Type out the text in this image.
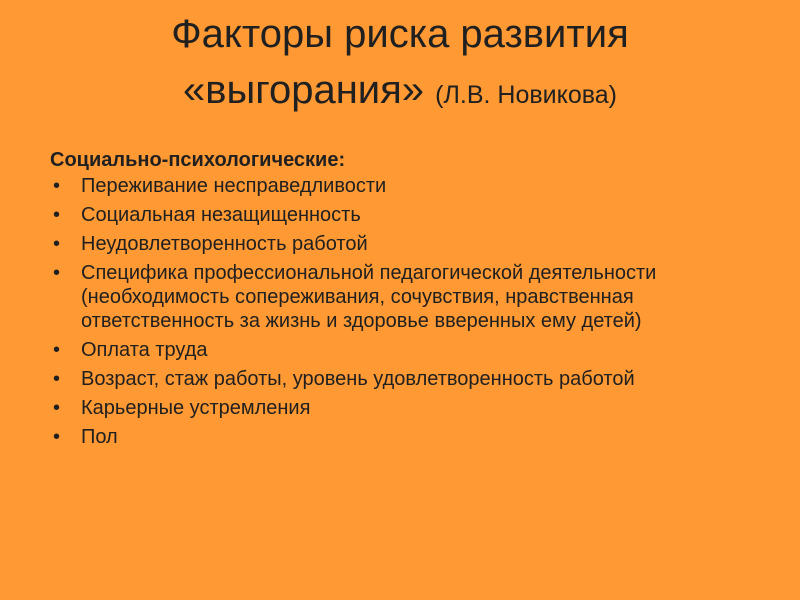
Факторы риска развития
«выгорания» (Л.В. Новикова)

Социально-психологические:

• Переживание несправедливости
• Социальная незащищенность
• Неудовлетворенность работой
• Специфика профессиональной педагогической деятельности (необходимость сопереживания, сочувствия, нравственная ответственность за жизнь и здоровье вверенных ему детей)
• Оплата труда
• Возраст, стаж работы, уровень удовлетворенность работой
• Карьерные устремления
• Пол
